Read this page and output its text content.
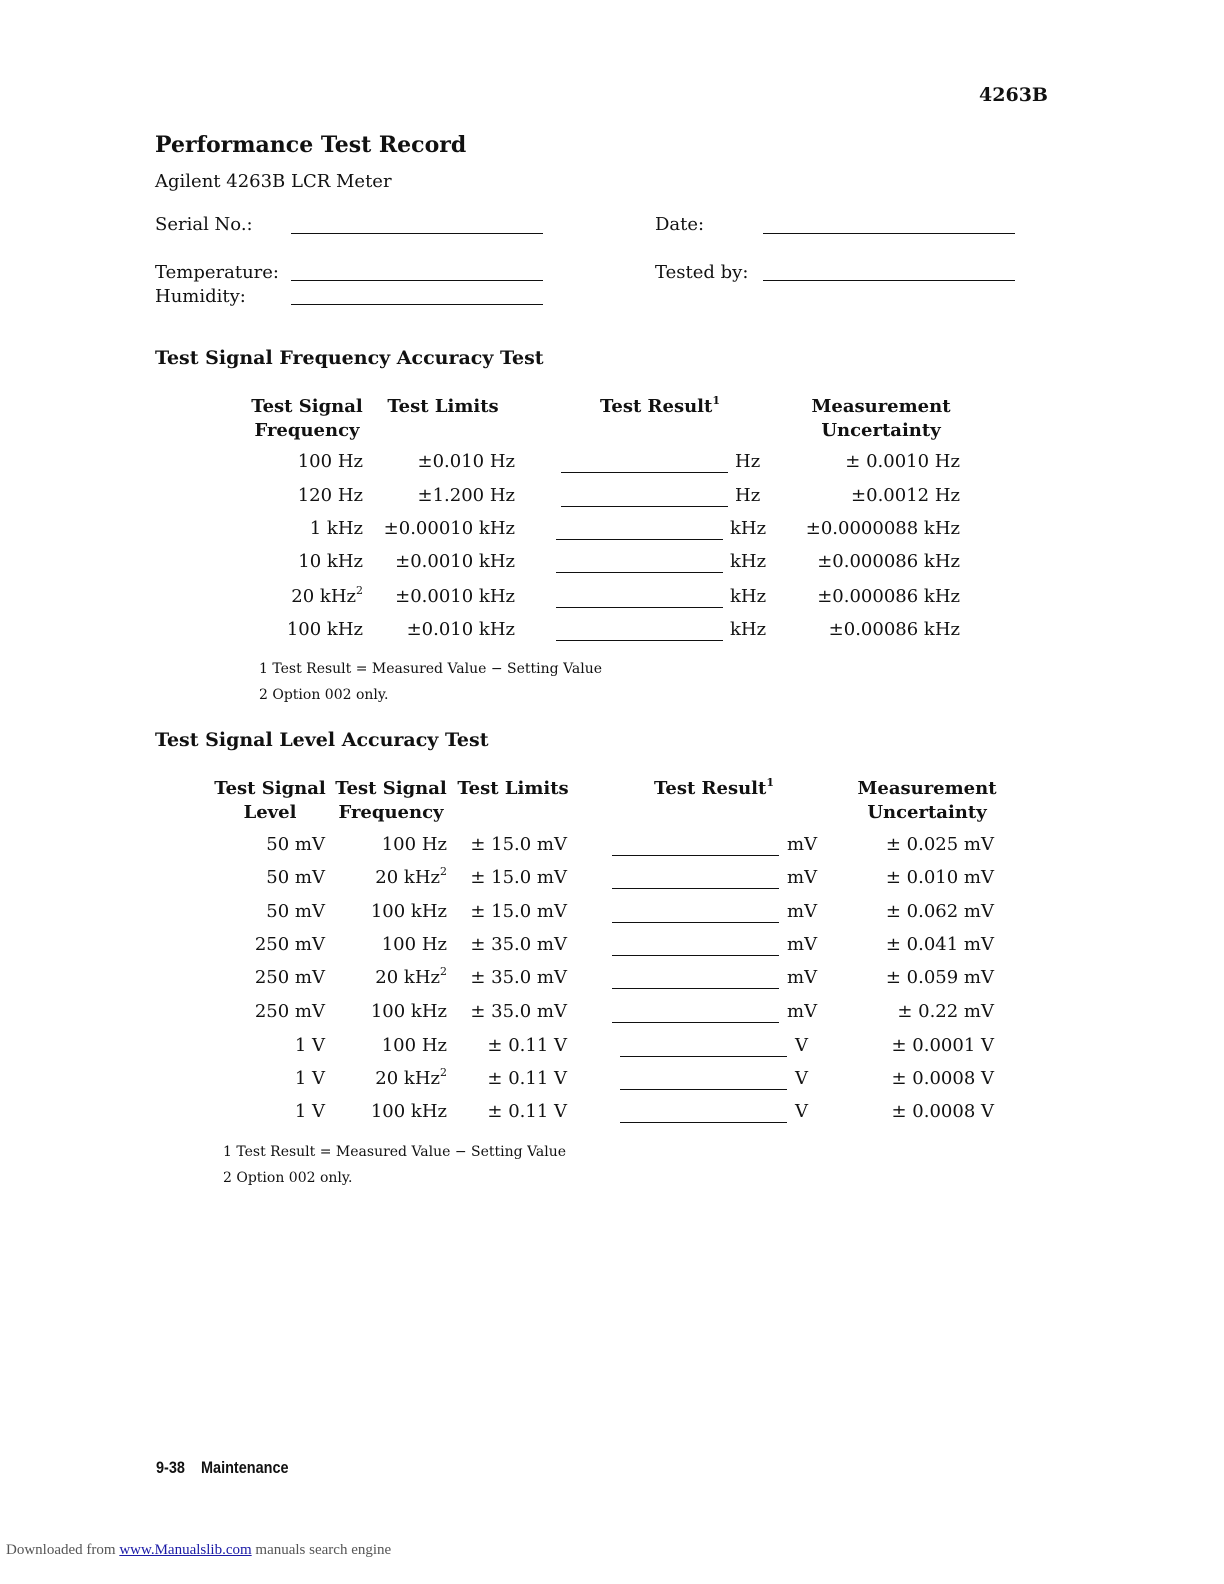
4263B
Performance Test Record
Agilent 4263B LCR Meter
Serial No.:	Date:
Temperature:	Tested by:
Humidity:
Test Signal Frequency Accuracy Test
Test Signal
Frequency
Test Limits	Test Result$^1$	Measurement
Uncertainty
100 Hz	±0.010 Hz	Hz	± 0.0010 Hz
120 Hz	±1.200 Hz	Hz	±0.0012 Hz
1 kHz ±0.00010 kHz	kHz ±0.0000088 kHz
10 kHz ±0.0010 kHz	kHz	±0.000086 kHz
20 kHz$^2$ ±0.0010 kHz	kHz	±0.000086 kHz
100 kHz ±0.010 kHz	kHz	±0.00086 kHz
1 Test Result = Measured Value − Setting Value
2 Option 002 only.
Test Signal Level Accuracy Test
Test Signal
Level
Test Signal
Frequency
Test Limits	Test Result$^1$	Measurement
Uncertainty
50 mV	100 Hz ± 15.0 mV	mV	± 0.025 mV
50 mV	20 kHz$^2$ ± 15.0 mV	mV	± 0.010 mV
50 mV	100 kHz ± 15.0 mV	mV	± 0.062 mV
250 mV	100 Hz ± 35.0 mV	mV	± 0.041 mV
250 mV	20 kHz$^2$ ± 35.0 mV	mV	± 0.059 mV
250 mV	100 kHz ± 35.0 mV	mV	± 0.22 mV
1 V	100 Hz ± 0.11 V	V	± 0.0001 V
1 V	20 kHz$^2$ ± 0.11 V	V	± 0.0008 V
1 V	100 kHz ± 0.11 V	V	± 0.0008 V
1 Test Result = Measured Value − Setting Value
2 Option 002 only.
9-38 Maintenance
Downloaded from www.Manualslib.com manuals search engine
